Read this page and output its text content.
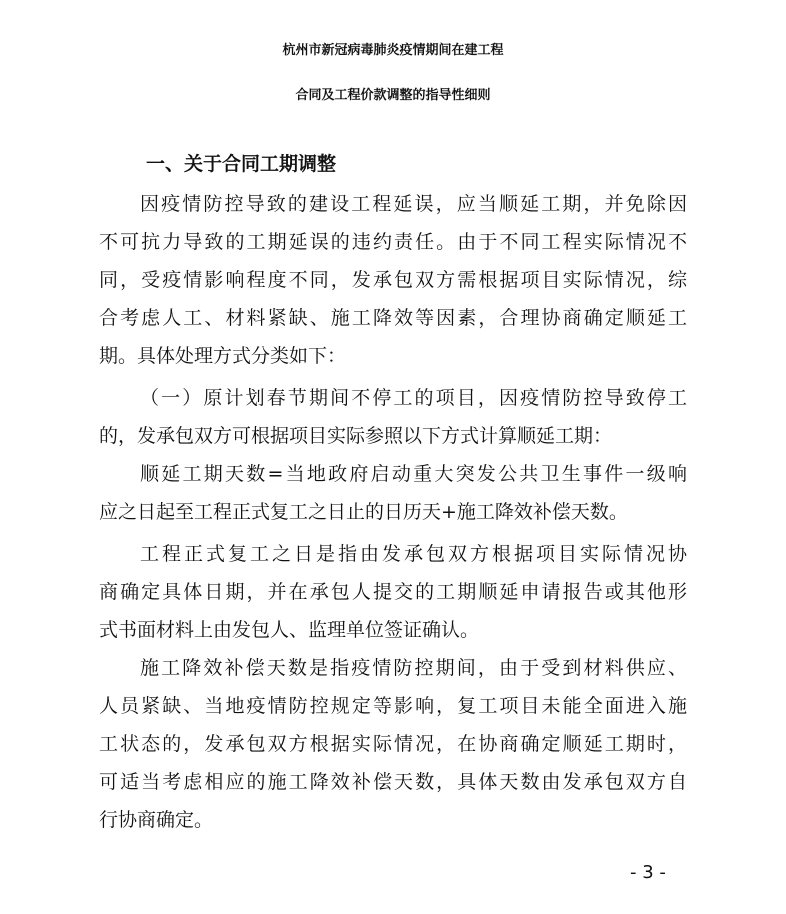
杭州市新冠病毒肺炎疫情期间在建工程
合同及工程价款调整的指导性细则
一、关于合同工期调整
因疫情防控导致的建设工程延误，应当顺延工期，并免除因
不可抗力导致的工期延误的违约责任。由于不同工程实际情况不
同，受疫情影响程度不同，发承包双方需根据项目实际情况，综
合考虑人工、材料紧缺、施工降效等因素，合理协商确定顺延工
期。具体处理方式分类如下：
（一）原计划春节期间不停工的项目，因疫情防控导致停工
的，发承包双方可根据项目实际参照以下方式计算顺延工期：
顺延工期天数=当地政府启动重大突发公共卫生事件一级响
应之日起至工程正式复工之日止的日历天+施工降效补偿天数。
工程正式复工之日是指由发承包双方根据项目实际情况协
商确定具体日期，并在承包人提交的工期顺延申请报告或其他形
式书面材料上由发包人、监理单位签证确认。
施工降效补偿天数是指疫情防控期间，由于受到材料供应、
人员紧缺、当地疫情防控规定等影响，复工项目未能全面进入施
工状态的，发承包双方根据实际情况，在协商确定顺延工期时，
可适当考虑相应的施工降效补偿天数，具体天数由发承包双方自
行协商确定。
- 3 -
